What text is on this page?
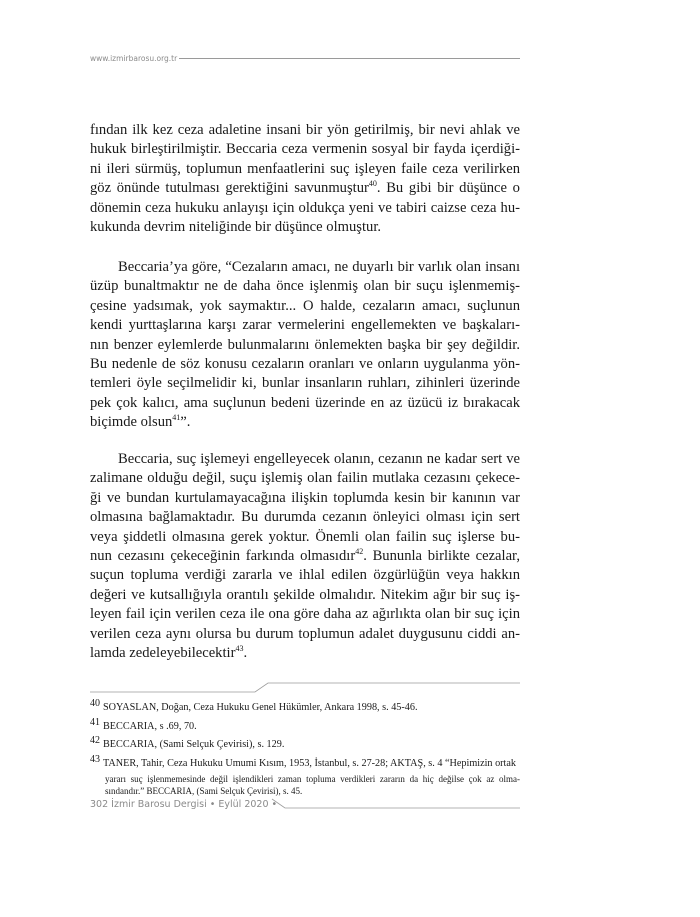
www.izmirbarosu.org.tr
fından ilk kez ceza adaletine insani bir yön getirilmiş, bir nevi ahlak ve
hukuk birleştirilmiştir. Beccaria ceza vermenin sosyal bir fayda içerdiği-
ni ileri sürmüş, toplumun menfaatlerini suç işleyen faile ceza verilirken
göz önünde tutulması gerektiğini savunmuştur$^{40}$. Bu gibi bir düşünce o
dönemin ceza hukuku anlayışı için oldukça yeni ve tabiri caizse ceza hu-
kukunda devrim niteliğinde bir düşünce olmuştur.
Beccaria’ya göre, “Cezaların amacı, ne duyarlı bir varlık olan insanı
üzüp bunaltmaktır ne de daha önce işlenmiş olan bir suçu işlenmemiş-
çesine yadsımak, yok saymaktır... O halde, cezaların amacı, suçlunun
kendi yurttaşlarına karşı zarar vermelerini engellemekten ve başkaları-
nın benzer eylemlerde bulunmalarını önlemekten başka bir şey değildir.
Bu nedenle de söz konusu cezaların oranları ve onların uygulanma yön-
temleri öyle seçilmelidir ki, bunlar insanların ruhları, zihinleri üzerinde
pek çok kalıcı, ama suçlunun bedeni üzerinde en az üzücü iz bırakacak
biçimde olsun$^{41}$”.
Beccaria, suç işlemeyi engelleyecek olanın, cezanın ne kadar sert ve
zalimane olduğu değil, suçu işlemiş olan failin mutlaka cezasını çekece-
ği ve bundan kurtulamayacağına ilişkin toplumda kesin bir kanının var
olmasına bağlamaktadır. Bu durumda cezanın önleyici olması için sert
veya şiddetli olmasına gerek yoktur. Önemli olan failin suç işlerse bu-
nun cezasını çekeceğinin farkında olmasıdır$^{42}$. Bununla birlikte cezalar,
suçun topluma verdiği zararla ve ihlal edilen özgürlüğün veya hakkın
değeri ve kutsallığıyla orantılı şekilde olmalıdır. Nitekim ağır bir suç iş-
leyen fail için verilen ceza ile ona göre daha az ağırlıkta olan bir suç için
verilen ceza aynı olursa bu durum toplumun adalet duygusunu ciddi an-
lamda zedeleyebilecektir$^{43}$.
$^{40}$ SOYASLAN, Doğan, Ceza Hukuku Genel Hükümler, Ankara 1998, s. 45-46.
$^{41}$ BECCARIA, s .69, 70.
$^{42}$ BECCARIA, (Sami Selçuk Çevirisi), s. 129.
$^{43}$ TANER, Tahir, Ceza Hukuku Umumi Kısım, 1953, İstanbul, s. 27-28; AKTAŞ, s. 4 “Hepimizin ortak
yararı suç işlenmemesinde değil işlendikleri zaman topluma verdikleri zararın da hiç değilse çok az olma-
sındandır.” BECCARIA, (Sami Selçuk Çevirisi), s. 45.
302 İzmir Barosu Dergisi • Eylül 2020 •
